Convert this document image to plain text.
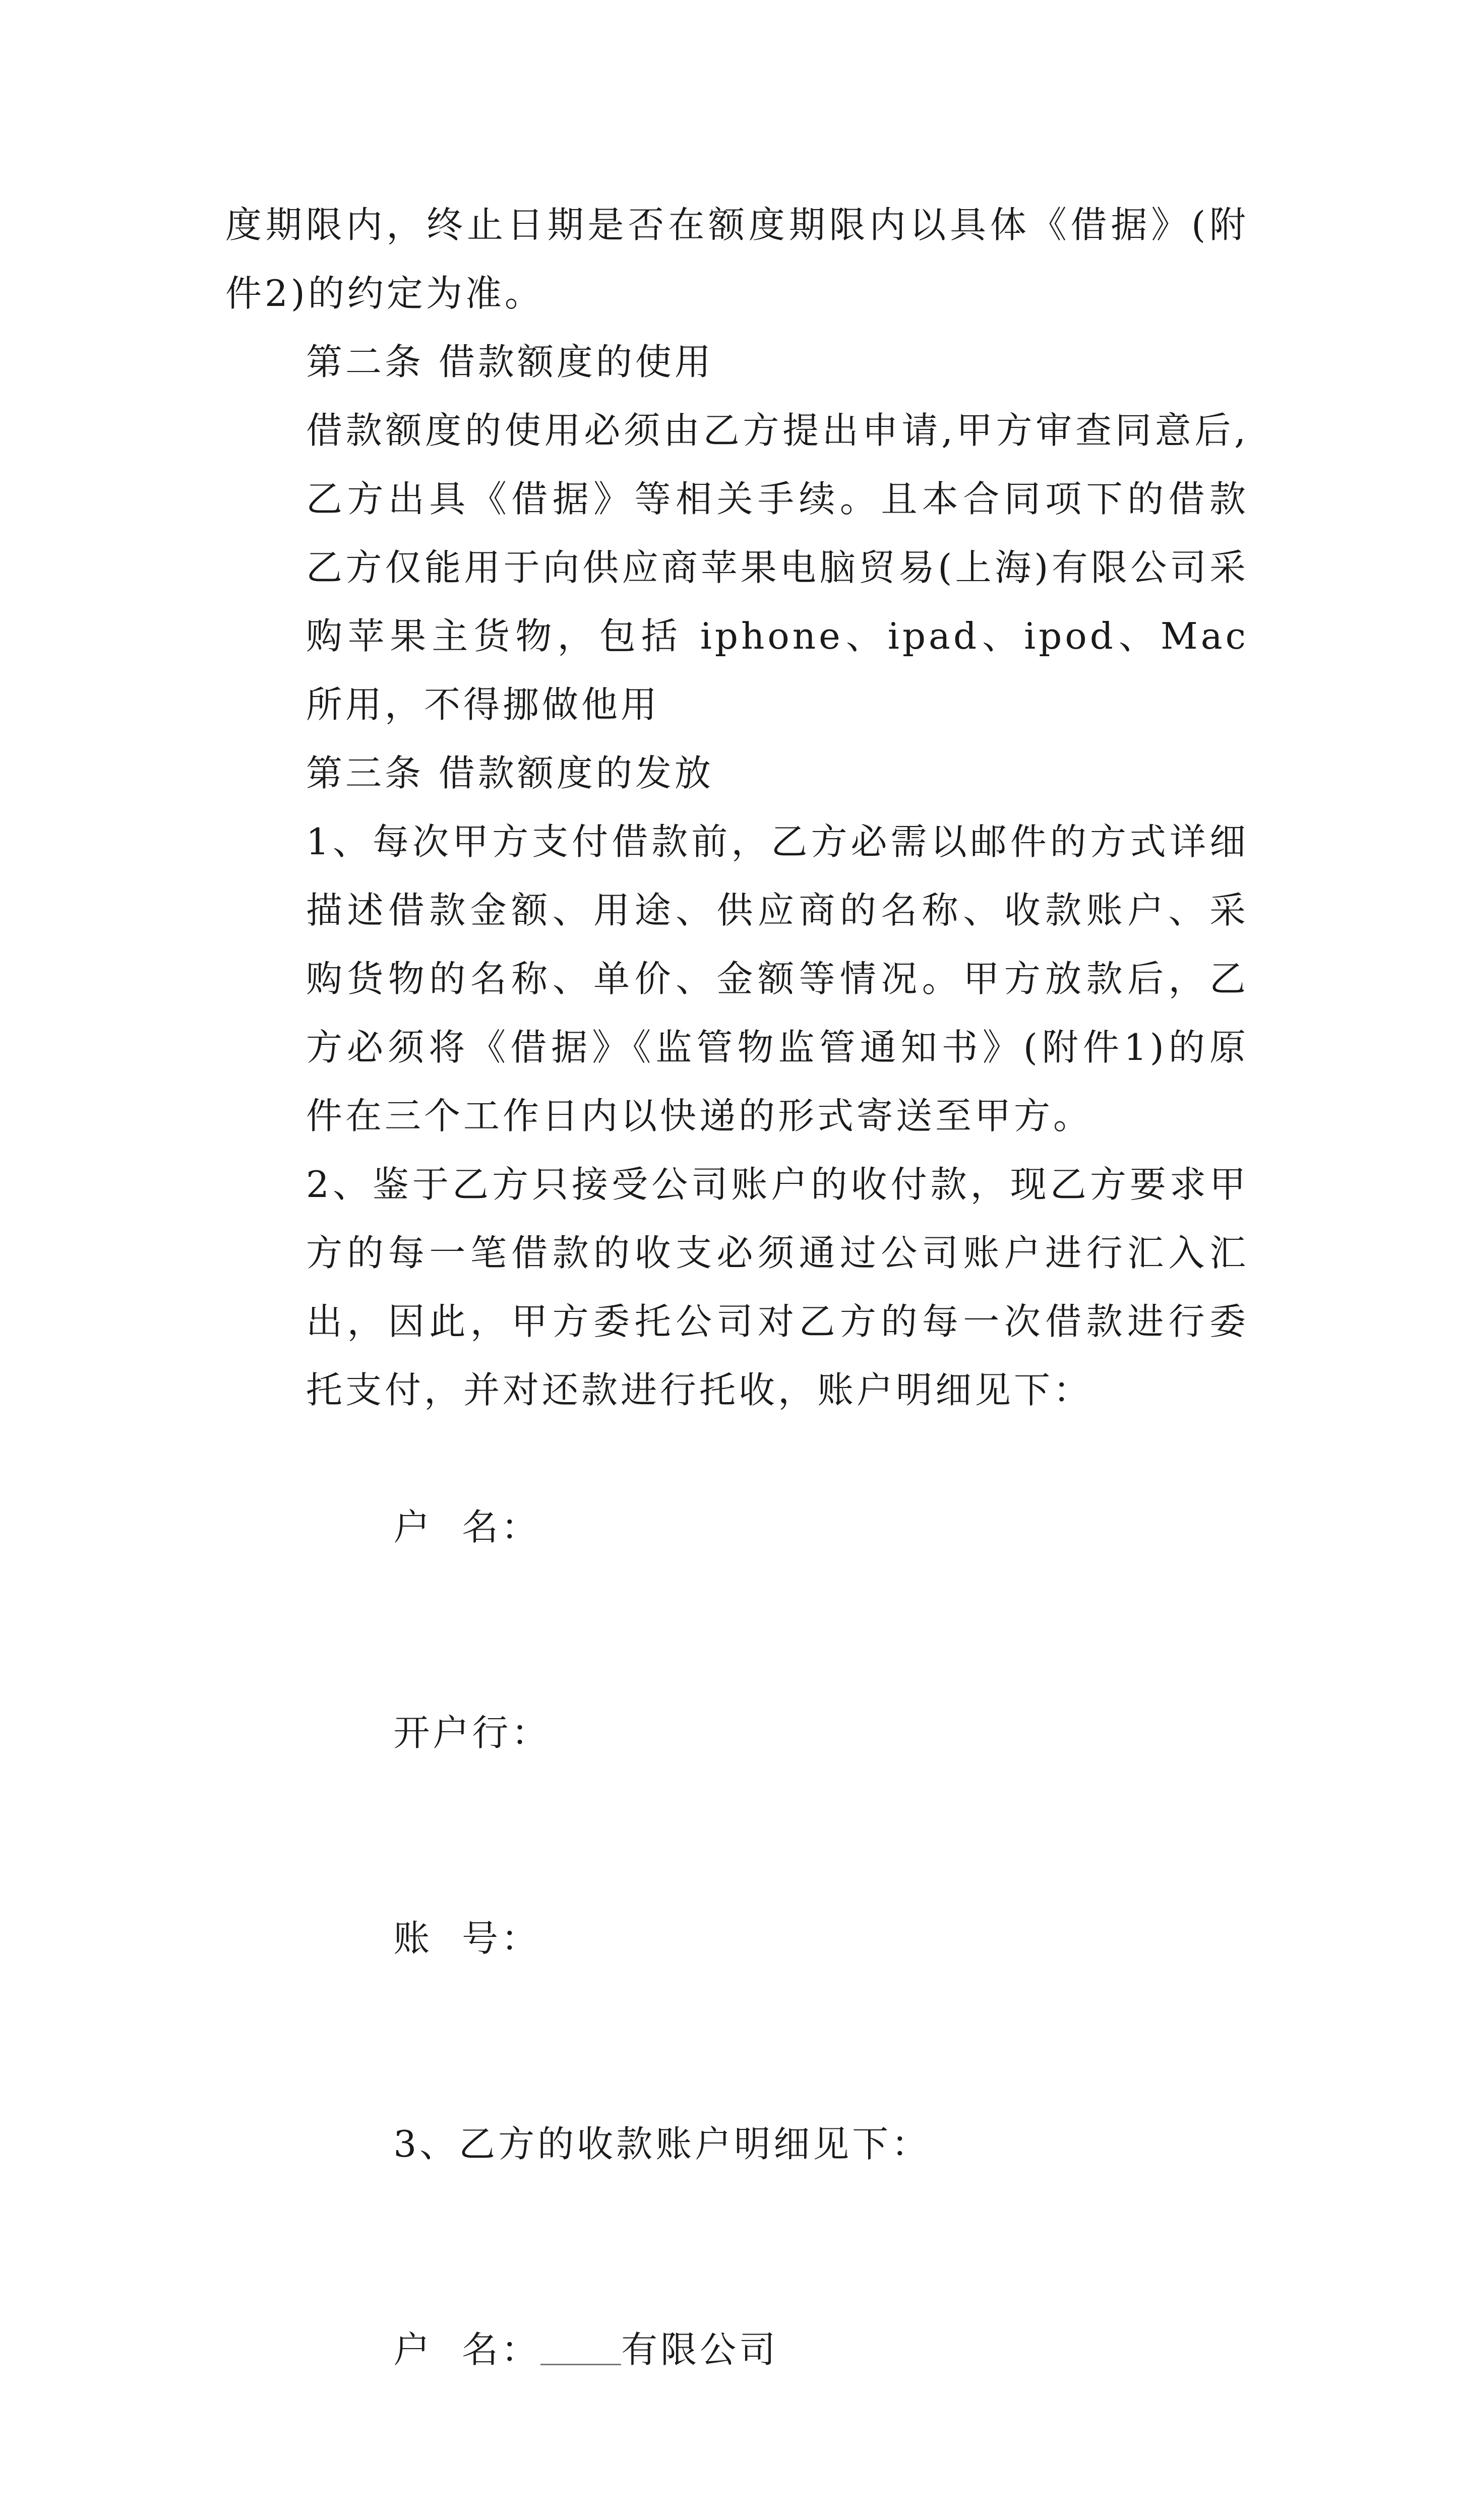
度期限内，终止日期是否在额度期限内以具体《借据》(附件2)的约定为准。

第二条 借款额度的使用

借款额度的使用必须由乙方提出申请,甲方审查同意后,乙方出具《借据》等相关手续。且本合同项下的借款乙方仅能用于向供应商苹果电脑贸易(上海)有限公司采购苹果主货物，包括 iphone、ipad、ipod、Mac 所用，不得挪做他用

第三条 借款额度的发放

1、每次甲方支付借款前，乙方必需以邮件的方式详细描述借款金额、用途、供应商的名称、收款账户、采购货物的名称、单价、金额等情况。甲方放款后，乙方必须将《借据》《监管物监管通知书》(附件1)的原件在三个工作日内以快递的形式寄送至甲方。

2、鉴于乙方只接受公司账户的收付款，现乙方要求甲方的每一笔借款的收支必须通过公司账户进行汇入汇出，因此，甲方委托公司对乙方的每一次借款进行委托支付，并对还款进行托收，账户明细见下：

户  名：

开户行：

账  号：

3、乙方的收款账户明细见下：

户  名： 有限公司
